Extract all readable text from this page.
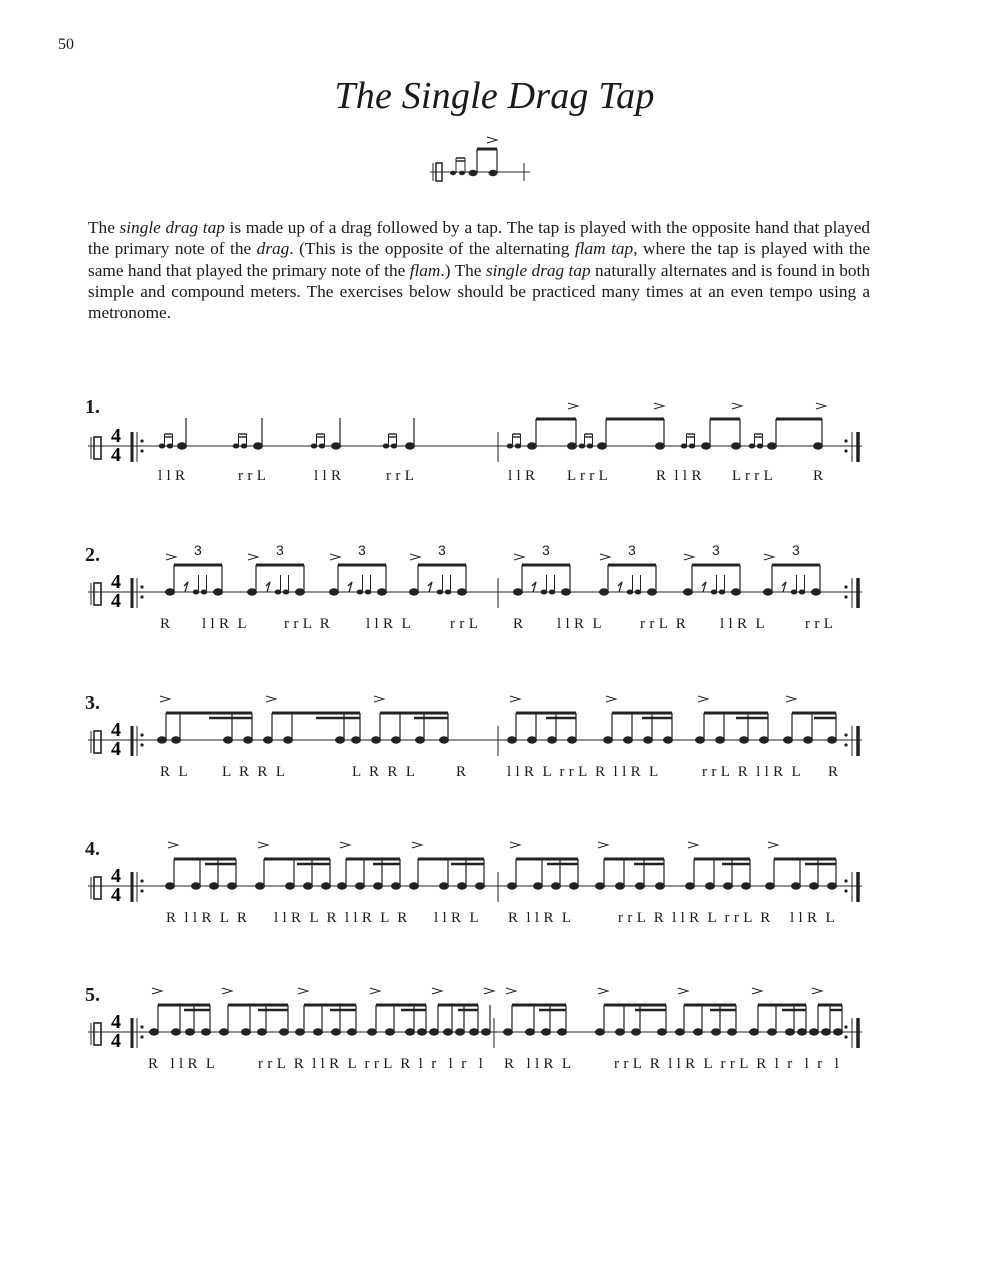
50
The Single Drag Tap

The single drag tap is made up of a drag followed by a tap. The tap is played with the opposite hand that played the primary note of the drag. (This is the opposite of the alternating flam tap, where the tap is played with the same hand that played the primary note of the flam.) The single drag tap naturally alternates and is found in both simple and compound meters. The exercises below should be practiced many times at an even tempo using a metronome.

4
4
1.
l l R	r r L	l l R	r r L	l l R L r r L	R  l l R L r r L	R
4
4
3	3	3	3	3	3	3	3
2.
R l l R  L r r L  R l l R  L	r r L R l l R  L	r r L  R l l R  L	r r L
4
4
3.
R  L L  R  R  L	L  R  R  L	R	l l R  L  r r L  R  l l R  L	r r L  R  l l R  L R
4
4
4.
R  l l R  L  R l l R  L  R  l l R  L  R l l R  L R  l l R  L	r r L  R  l l R  L  r r L  R l l R  L
4
4
5.
R   l l R  L	r r L  R  l l R  L  r r L  R  l  r   l  r   l R   l l R  L	r r L  R  l l R  L  r r L  R  l  r   l  r   l
